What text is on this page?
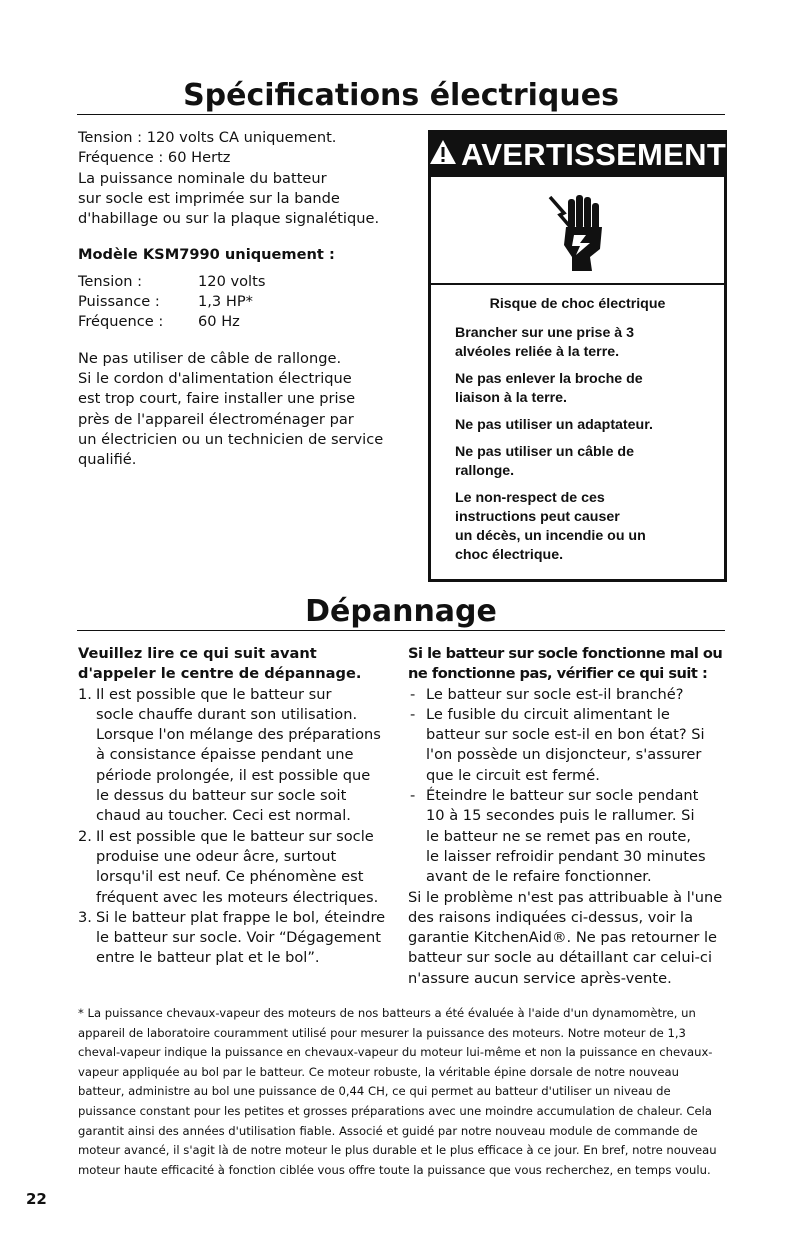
Spécifications électriques
Tension : 120 volts CA uniquement.
Fréquence : 60 Hertz
La puissance nominale du batteur
sur socle est imprimée sur la bande
d'habillage ou sur la plaque signalétique.
Modèle KSM7990 uniquement :
Tension :	120 volts
Puissance :	1,3 HP*
Fréquence :	60 Hz
Ne pas utiliser de câble de rallonge.
Si le cordon d'alimentation électrique
est trop court, faire installer une prise
près de l'appareil électroménager par
un électricien ou un technicien de service
qualifié.
AVERTISSEMENT
Risque de choc électrique

Brancher sur une prise à 3
alvéoles reliée à la terre.

Ne pas enlever la broche de
liaison à la terre.

Ne pas utiliser un adaptateur.

Ne pas utiliser un câble de
rallonge.

Le non-respect de ces
instructions peut causer
un décès, un incendie ou un
choc électrique.

Dépannage
Veuillez lire ce qui suit avant
d'appeler le centre de dépannage.
1. Il est possible que le batteur sur
socle chauffe durant son utilisation.
Lorsque l'on mélange des préparations
à consistance épaisse pendant une
période prolongée, il est possible que
le dessus du batteur sur socle soit
chaud au toucher. Ceci est normal.
2. Il est possible que le batteur sur socle
produise une odeur âcre, surtout
lorsqu'il est neuf. Ce phénomène est
fréquent avec les moteurs électriques.
3. Si le batteur plat frappe le bol, éteindre
le batteur sur socle. Voir “Dégagement
entre le batteur plat et le bol”.
Si le batteur sur socle fonctionne mal ou
ne fonctionne pas, vérifier ce qui suit :
- Le batteur sur socle est-il branché?
- Le fusible du circuit alimentant le
batteur sur socle est-il en bon état? Si
l'on possède un disjoncteur, s'assurer
que le circuit est fermé.
- Éteindre le batteur sur socle pendant
10 à 15 secondes puis le rallumer. Si
le batteur ne se remet pas en route,
le laisser refroidir pendant 30 minutes
avant de le refaire fonctionner.
Si le problème n'est pas attribuable à l'une
des raisons indiquées ci-dessus, voir la
garantie KitchenAid®. Ne pas retourner le
batteur sur socle au détaillant car celui-ci
n'assure aucun service après-vente.
* La puissance chevaux-vapeur des moteurs de nos batteurs a été évaluée à l'aide d'un dynamomètre, un
appareil de laboratoire couramment utilisé pour mesurer la puissance des moteurs. Notre moteur de 1,3
cheval-vapeur indique la puissance en chevaux-vapeur du moteur lui-même et non la puissance en chevaux-
vapeur appliquée au bol par le batteur. Ce moteur robuste, la véritable épine dorsale de notre nouveau
batteur, administre au bol une puissance de 0,44 CH, ce qui permet au batteur d'utiliser un niveau de
puissance constant pour les petites et grosses préparations avec une moindre accumulation de chaleur. Cela
garantit ainsi des années d'utilisation fiable. Associé et guidé par notre nouveau module de commande de
moteur avancé, il s'agit là de notre moteur le plus durable et le plus efficace à ce jour. En bref, notre nouveau
moteur haute efficacité à fonction ciblée vous offre toute la puissance que vous recherchez, en temps voulu.
22
